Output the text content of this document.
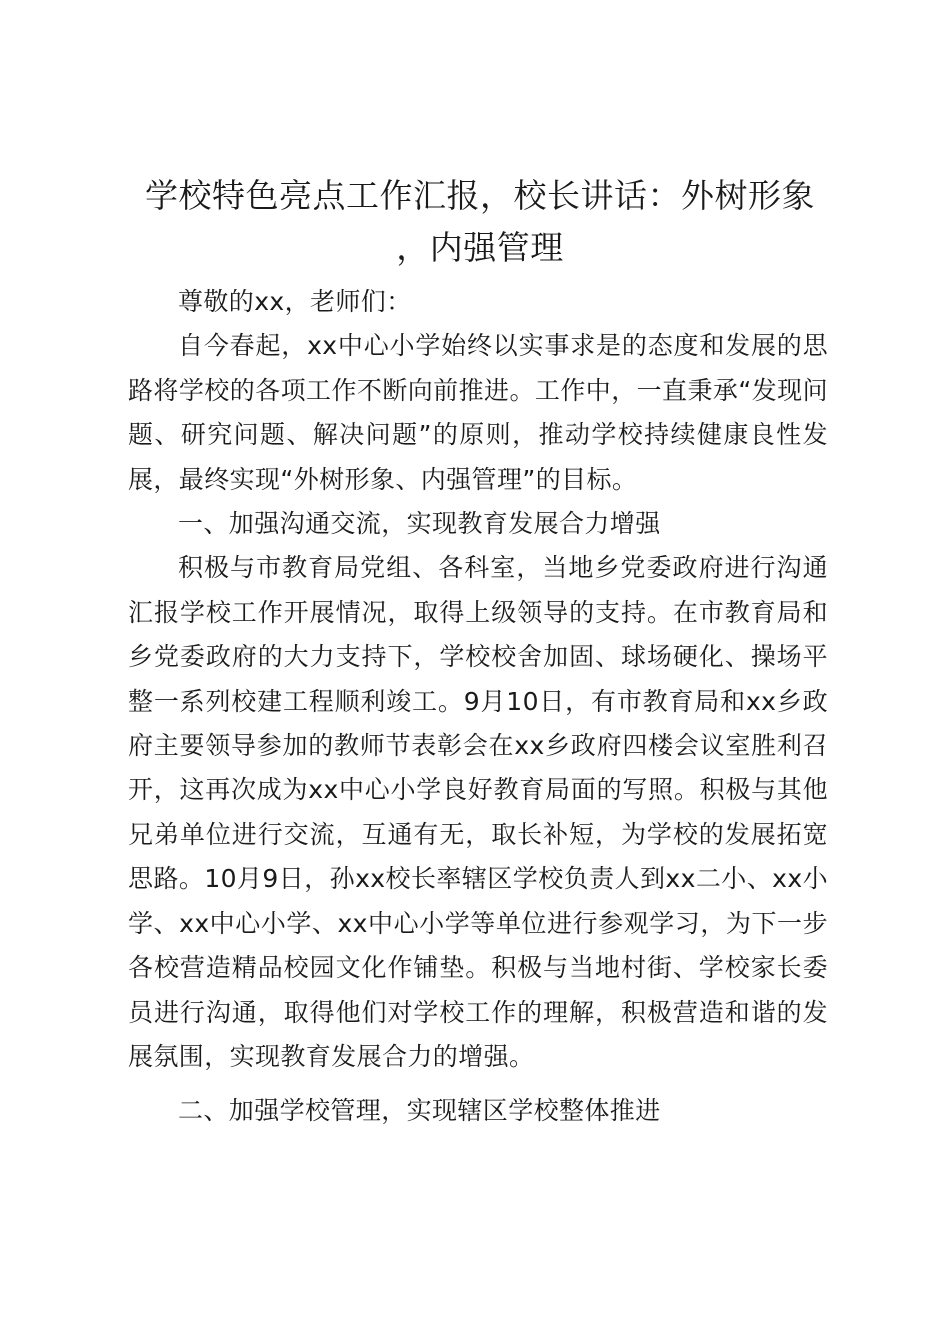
学校特色亮点工作汇报，校长讲话：外树形象
，内强管理

尊敬的xx，老师们：

自今春起，xx中心小学始终以实事求是的态度和发展的思路将学校的各项工作不断向前推进。工作中，一直秉承“发现问题、研究问题、解决问题”的原则，推动学校持续健康良性发展，最终实现“外树形象、内强管理”的目标。

一、加强沟通交流，实现教育发展合力增强

积极与市教育局党组、各科室，当地乡党委政府进行沟通汇报学校工作开展情况，取得上级领导的支持。在市教育局和乡党委政府的大力支持下，学校校舍加固、球场硬化、操场平整一系列校建工程顺利竣工。9月10日，有市教育局和xx乡政府主要领导参加的教师节表彰会在xx乡政府四楼会议室胜利召开，这再次成为xx中心小学良好教育局面的写照。积极与其他兄弟单位进行交流，互通有无，取长补短，为学校的发展拓宽思路。10月9日，孙xx校长率辖区学校负责人到xx二小、xx小学、xx中心小学、xx中心小学等单位进行参观学习，为下一步各校营造精品校园文化作铺垫。积极与当地村街、学校家长委员进行沟通，取得他们对学校工作的理解，积极营造和谐的发展氛围，实现教育发展合力的增强。

二、加强学校管理，实现辖区学校整体推进
